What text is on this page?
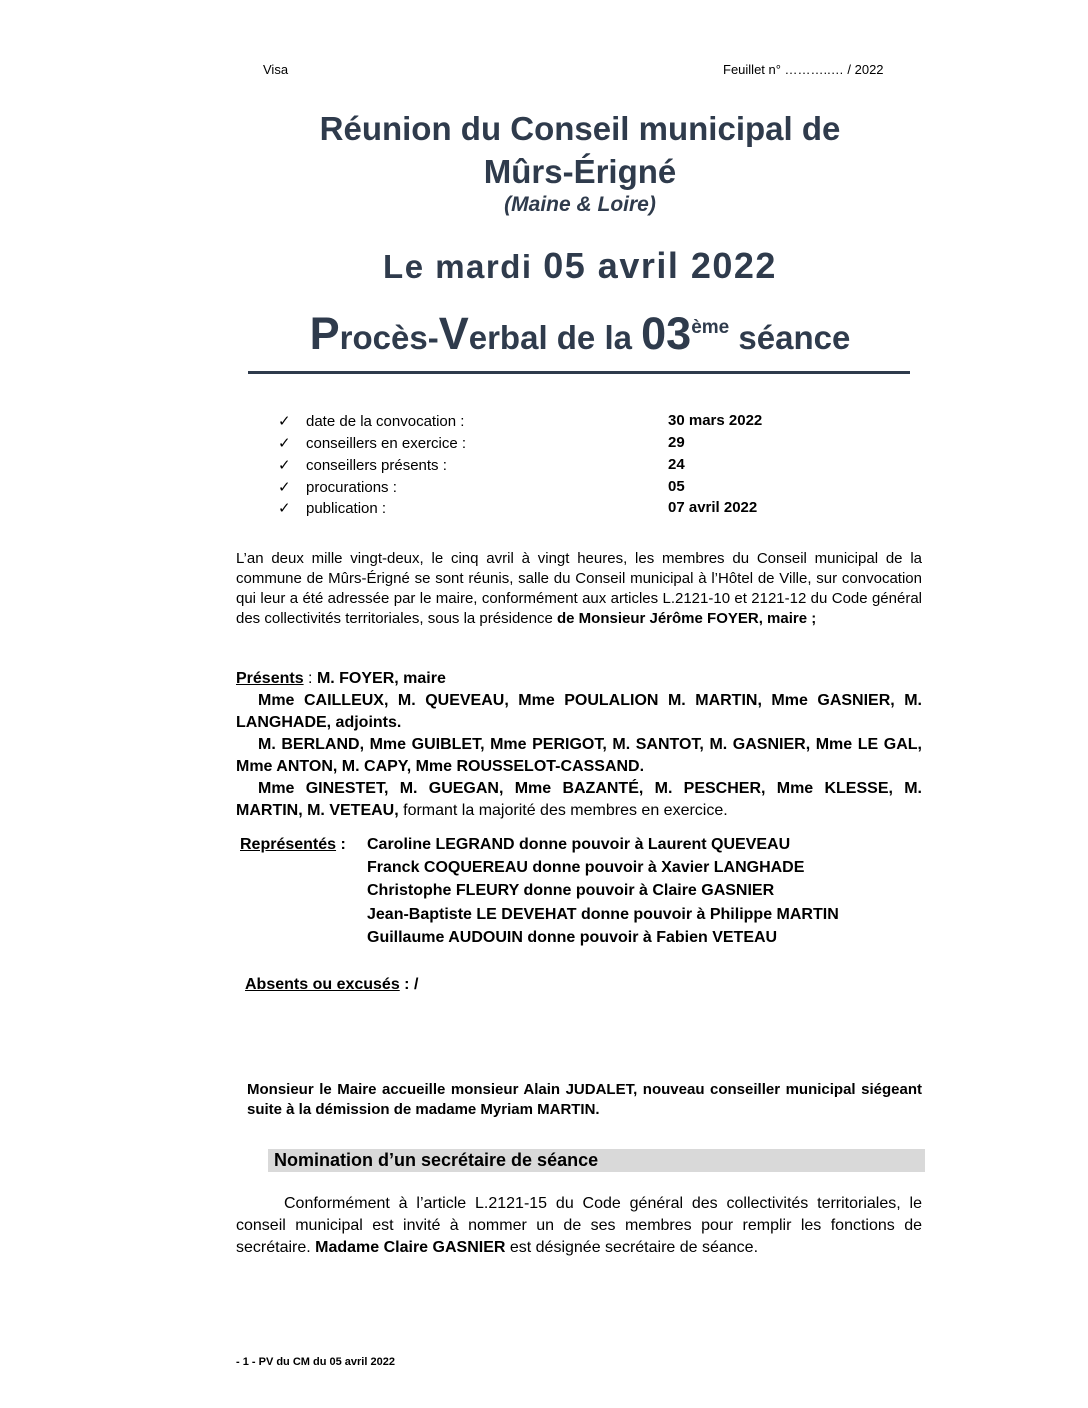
Visa	Feuillet n° ………..… / 2022
Réunion du Conseil municipal de
Mûrs-Érigné
(Maine & Loire)
Le mardi 05 avril 2022
Procès-Verbal de la 03ème séance
✓ date de la convocation :	30 mars 2022
✓ conseillers en exercice :	29
✓ conseillers présents :	24
✓ procurations :	05
✓ publication :	07 avril 2022
L’an deux mille vingt-deux, le cinq avril à vingt heures, les membres du Conseil municipal de la commune de Mûrs-Érigné se sont réunis, salle du Conseil municipal à l’Hôtel de Ville, sur convocation qui leur a été adressée par le maire, conformément aux articles L.2121-10 et 2121-12 du Code général des collectivités territoriales, sous la présidence de Monsieur Jérôme FOYER, maire ;
Présents : M. FOYER, maire
Mme CAILLEUX, M. QUEVEAU, Mme POULALION M. MARTIN, Mme GASNIER, M. LANGHADE, adjoints.
M. BERLAND, Mme GUIBLET, Mme PERIGOT, M. SANTOT, M. GASNIER, Mme LE GAL, Mme ANTON, M. CAPY, Mme ROUSSELOT-CASSAND.
Mme GINESTET, M. GUEGAN, Mme BAZANTÉ, M. PESCHER, Mme KLESSE, M. MARTIN, M. VETEAU, formant la majorité des membres en exercice.
Représentés : Caroline LEGRAND donne pouvoir à Laurent QUEVEAU
Franck COQUEREAU donne pouvoir à Xavier LANGHADE
Christophe FLEURY donne pouvoir à Claire GASNIER
Jean-Baptiste LE DEVEHAT donne pouvoir à Philippe MARTIN
Guillaume AUDOUIN donne pouvoir à Fabien VETEAU
Absents ou excusés : /
Monsieur le Maire accueille monsieur Alain JUDALET, nouveau conseiller municipal siégeant suite à la démission de madame Myriam MARTIN.
Nomination d’un secrétaire de séance
Conformément à l’article L.2121-15 du Code général des collectivités territoriales, le conseil municipal est invité à nommer un de ses membres pour remplir les fonctions de secrétaire. Madame Claire GASNIER est désignée secrétaire de séance.
- 1 - PV du CM du 05 avril 2022
